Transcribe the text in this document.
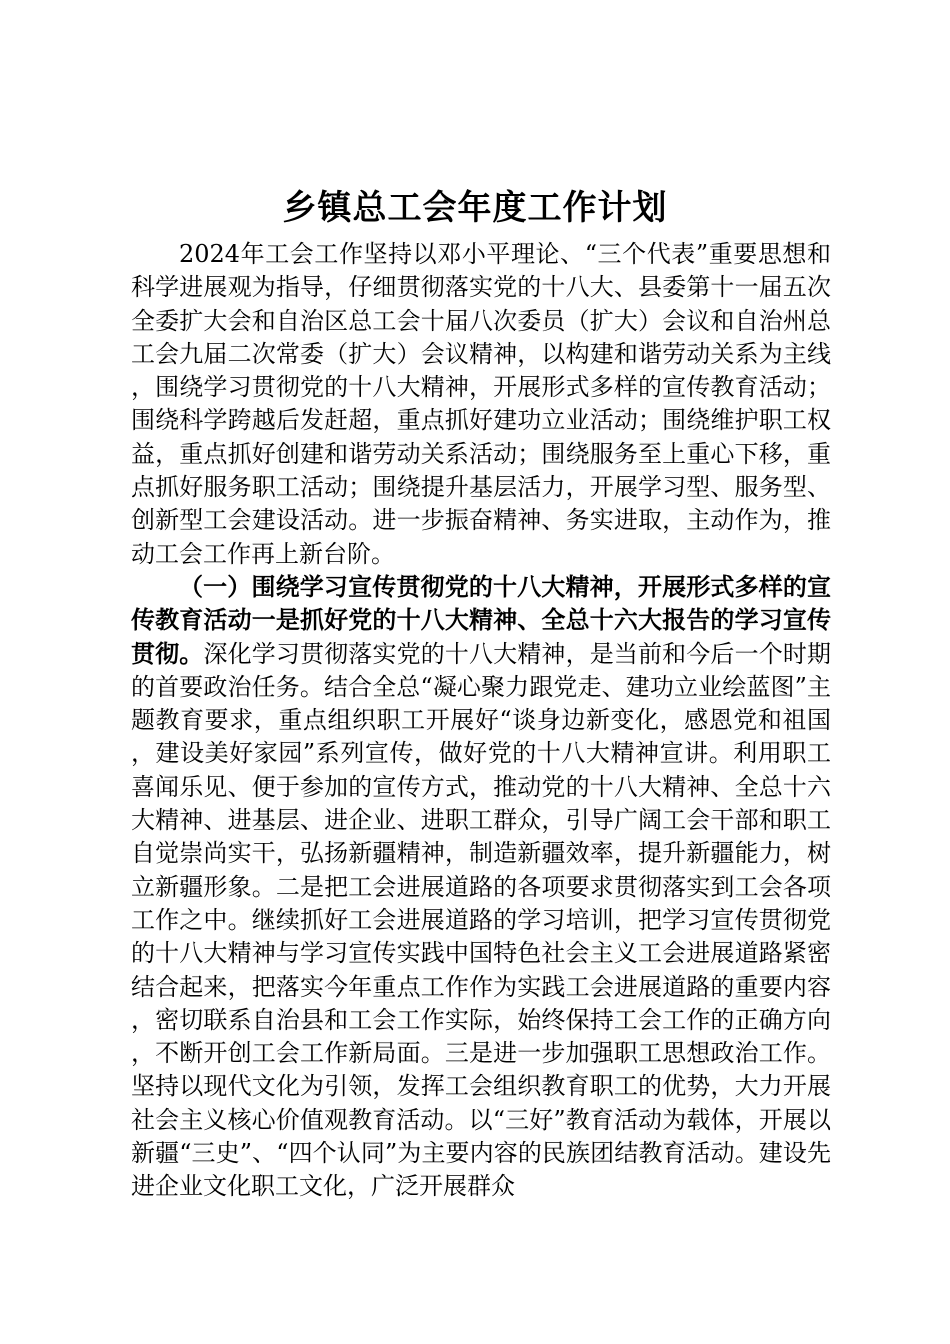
乡镇总工会年度工作计划

2024年工会工作坚持以邓小平理论、“三个代表”重要思想和科学进展观为指导，仔细贯彻落实党的十八大、县委第十一届五次全委扩大会和自治区总工会十届八次委员（扩大）会议和自治州总工会九届二次常委（扩大）会议精神，以构建和谐劳动关系为主线，围绕学习贯彻党的十八大精神，开展形式多样的宣传教育活动；围绕科学跨越后发赶超，重点抓好建功立业活动；围绕维护职工权益，重点抓好创建和谐劳动关系活动；围绕服务至上重心下移，重点抓好服务职工活动；围绕提升基层活力，开展学习型、服务型、创新型工会建设活动。进一步振奋精神、务实进取，主动作为，推动工会工作再上新台阶。

（一）围绕学习宣传贯彻党的十八大精神，开展形式多样的宣传教育活动一是抓好党的十八大精神、全总十六大报告的学习宣传贯彻。深化学习贯彻落实党的十八大精神，是当前和今后一个时期的首要政治任务。结合全总“凝心聚力跟党走、建功立业绘蓝图”主题教育要求，重点组织职工开展好“谈身边新变化，感恩党和祖国，建设美好家园”系列宣传，做好党的十八大精神宣讲。利用职工喜闻乐见、便于参加的宣传方式，推动党的十八大精神、全总十六大精神、进基层、进企业、进职工群众，引导广阔工会干部和职工自觉崇尚实干，弘扬新疆精神，制造新疆效率，提升新疆能力，树立新疆形象。二是把工会进展道路的各项要求贯彻落实到工会各项工作之中。继续抓好工会进展道路的学习培训，把学习宣传贯彻党的十八大精神与学习宣传实践中国特色社会主义工会进展道路紧密结合起来，把落实今年重点工作作为实践工会进展道路的重要内容，密切联系自治县和工会工作实际，始终保持工会工作的正确方向，不断开创工会工作新局面。三是进一步加强职工思想政治工作。坚持以现代文化为引领，发挥工会组织教育职工的优势，大力开展社会主义核心价值观教育活动。以“三好”教育活动为载体，开展以新疆“三史”、“四个认同”为主要内容的民族团结教育活动。建设先进企业文化职工文化，广泛开展群众
